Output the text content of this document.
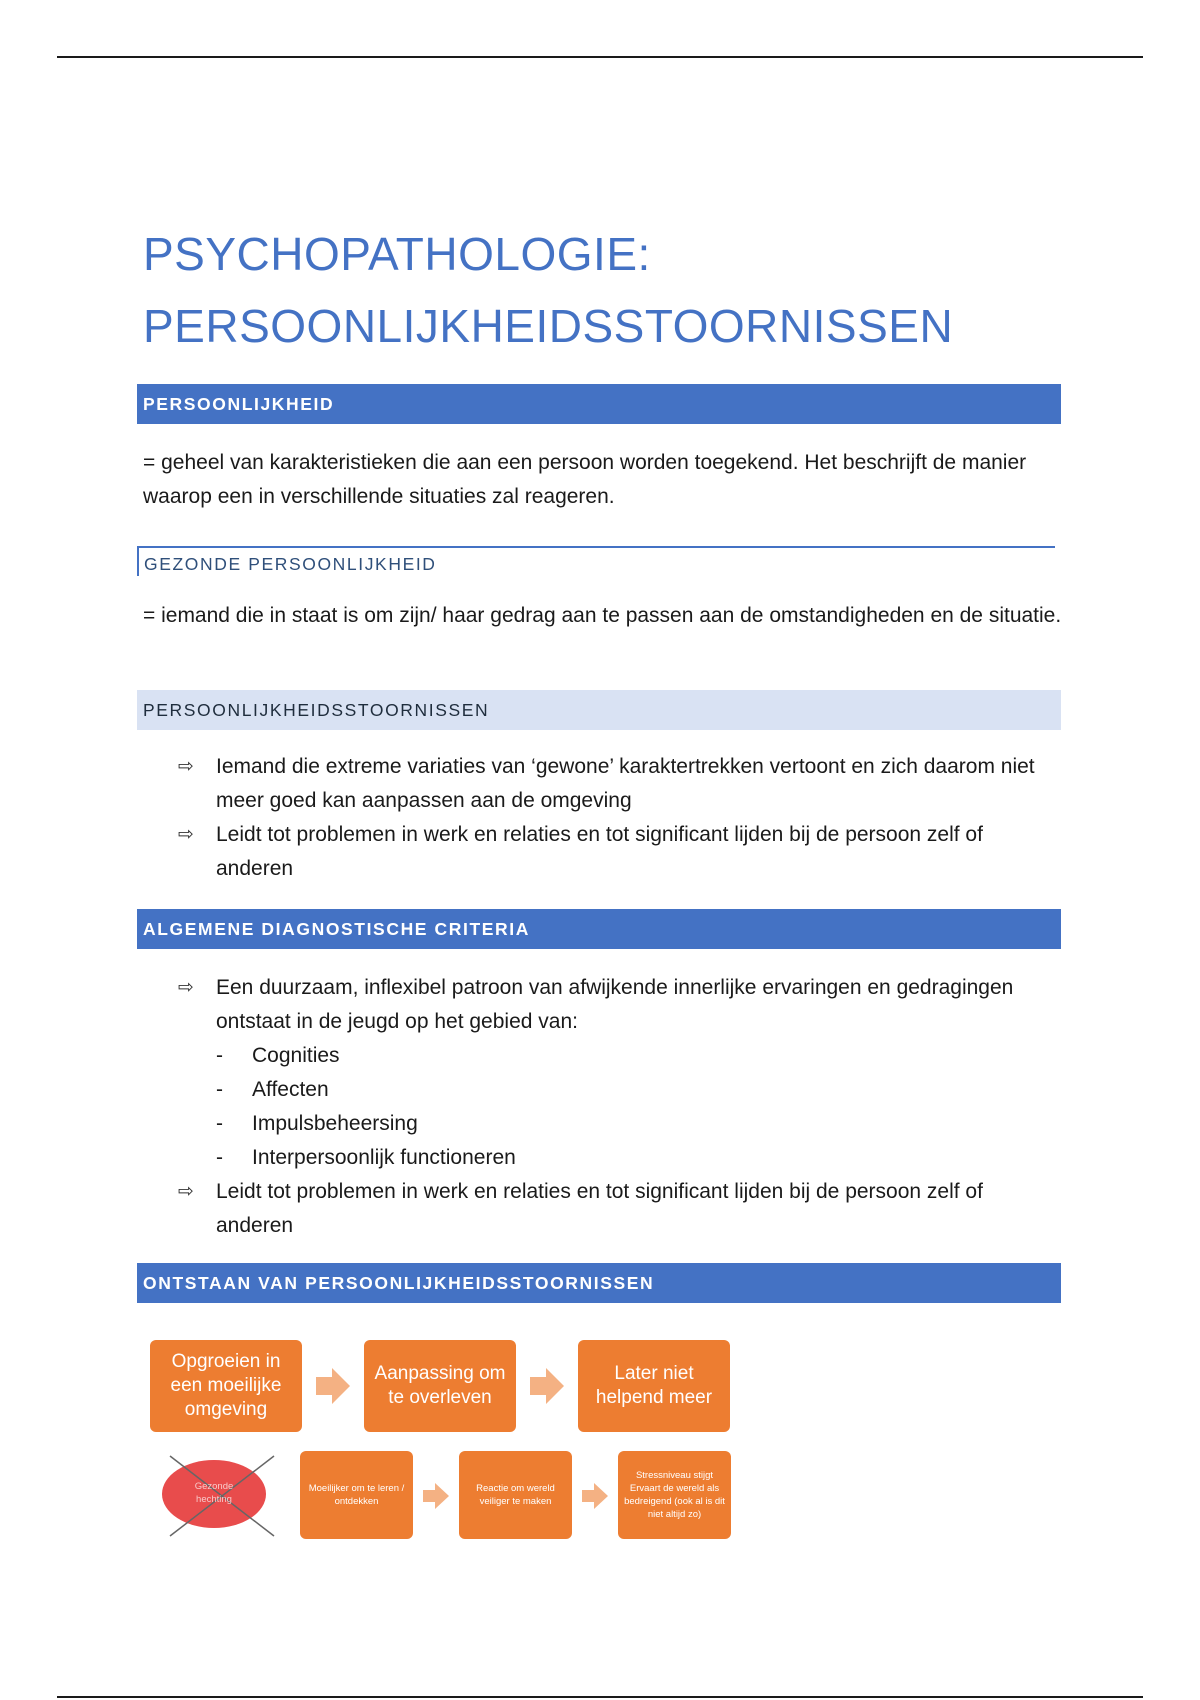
PSYCHOPATHOLOGIE:
PERSOONLIJKHEIDSSTOORNISSEN
PERSOONLIJKHEID
= geheel van karakteristieken die aan een persoon worden toegekend. Het beschrijft de manier waarop een in verschillende situaties zal reageren.
GEZONDE PERSOONLIJKHEID
= iemand die in staat is om zijn/ haar gedrag aan te passen aan de omstandigheden en de situatie.
PERSOONLIJKHEIDSSTOORNISSEN
⇨ Iemand die extreme variaties van ‘gewone’ karaktertrekken vertoont en zich daarom niet meer goed kan aanpassen aan de omgeving
⇨ Leidt tot problemen in werk en relaties en tot significant lijden bij de persoon zelf of anderen
ALGEMENE DIAGNOSTISCHE CRITERIA
⇨ Een duurzaam, inflexibel patroon van afwijkende innerlijke ervaringen en gedragingen ontstaat in de jeugd op het gebied van:
- Cognities
- Affecten
- Impulsbeheersing
- Interpersoonlijk functioneren
⇨ Leidt tot problemen in werk en relaties en tot significant lijden bij de persoon zelf of anderen
ONTSTAAN VAN PERSOONLIJKHEIDSSTOORNISSEN
Opgroeien in een moeilijke omgeving
Aanpassing om te overleven
Later niet helpend meer
Gezonde hechting
Moeilijker om te leren / ontdekken
Reactie om wereld veiliger te maken
Stressniveau stijgt Ervaart de wereld als bedreigend (ook al is dit niet altijd zo)
